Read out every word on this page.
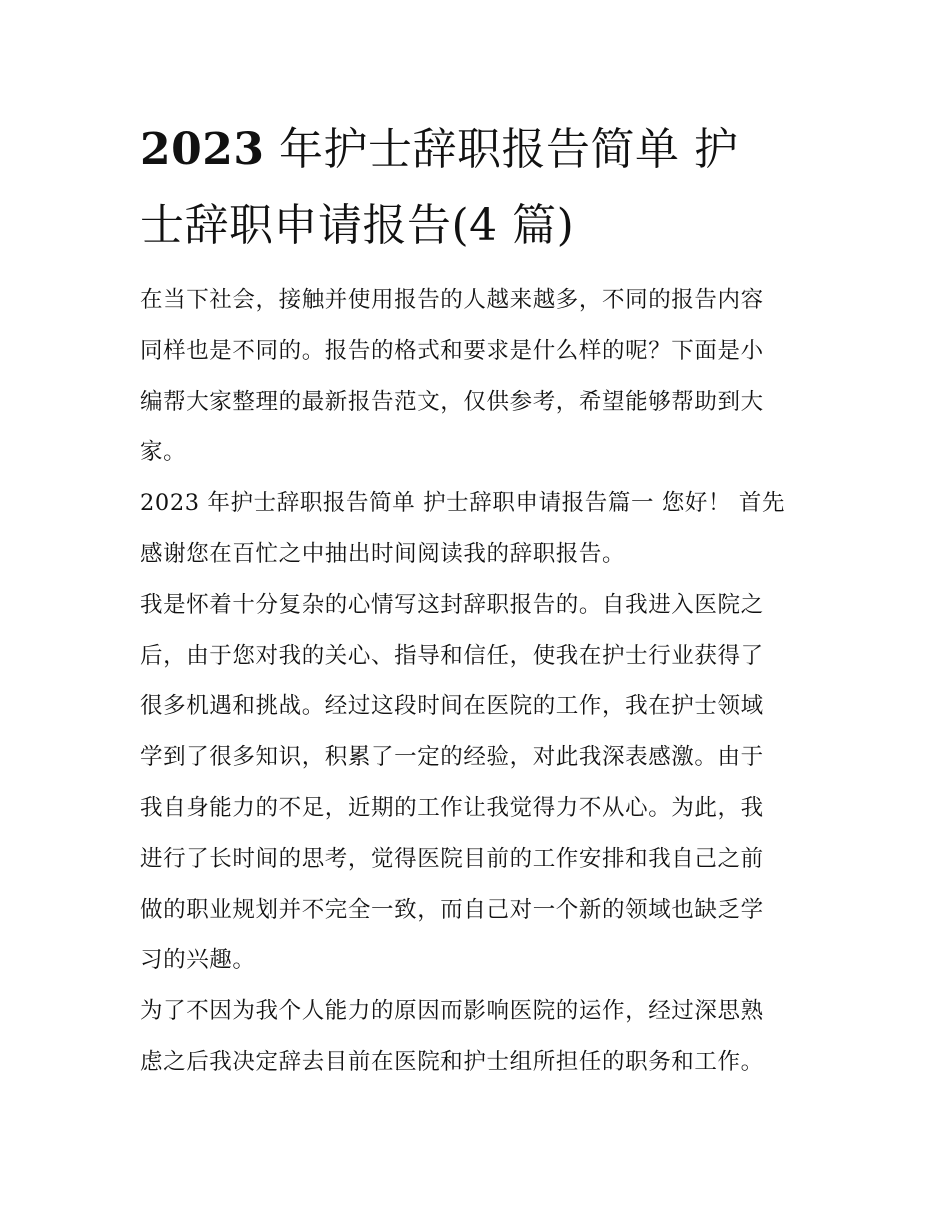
2023 年护士辞职报告简单 护
士辞职申请报告(4 篇)

在当下社会，接触并使用报告的人越来越多，不同的报告内容
同样也是不同的。报告的格式和要求是什么样的呢？下面是小
编帮大家整理的最新报告范文，仅供参考，希望能够帮助到大
家。

2023 年护士辞职报告简单 护士辞职申请报告篇一 您好！ 首先
感谢您在百忙之中抽出时间阅读我的辞职报告。

我是怀着十分复杂的心情写这封辞职报告的。自我进入医院之
后，由于您对我的关心、指导和信任，使我在护士行业获得了
很多机遇和挑战。经过这段时间在医院的工作，我在护士领域
学到了很多知识，积累了一定的经验，对此我深表感激。由于
我自身能力的不足，近期的工作让我觉得力不从心。为此，我
进行了长时间的思考，觉得医院目前的工作安排和我自己之前
做的职业规划并不完全一致，而自己对一个新的领域也缺乏学
习的兴趣。

为了不因为我个人能力的原因而影响医院的运作，经过深思熟
虑之后我决定辞去目前在医院和护士组所担任的职务和工作。
